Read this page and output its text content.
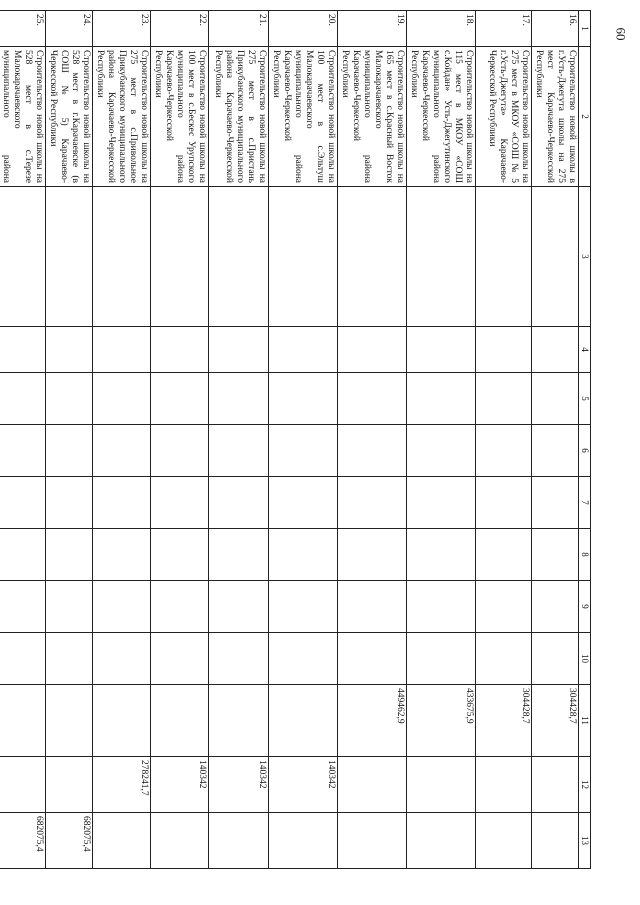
60
1	2	3	4	5	6	7	8	9	10	11	12	13
16.	Строительство новой школы в г.Усть-Джегута школы на 275 мест Карачаево-Черкесской Республики									304428,7		
17.	Строительство новой школы на 275 мест в МКОУ «СОШ № 5 г.Усть-Джегута» Карачаево-Черкесской Республики									304428,7		
18.	Строительство новой школы на 115 мест в МКОУ «СОШ с.Койдан» Усть-Джегутинского муниципального района Карачаево-Черкесской Республики									433675,9		
19.	Строительство новой школы на 165 мест в с.Красный Восток Малокарачаевского муниципального района Карачаево-Черкесской Республики									449462,9		
20.	Строительство новой школы на 100 мест в с.Эльтуш Малокарачаевского муниципального района Карачаево-Черкесской Республики										140342	
21.	Строительство новой школы на 275 мест в с.Пристань Прикубанского муниципального района Карачаево-Черкесской Республики										140342	
22.	Строительство новой школы на 100 мест в с.Бескес Урупского муниципального района Карачаево-Черкесской Республики										140342	
23.	Строительство новой школы на 275 мест в с.Привольное Прикубанского муниципального района Карачаево-Черкесской Республики										278241,7	
24.	Строительство новой школы на 528 мест в г.Карачаевске (в СОШ № 5) Карачаево-Черкесской Республики											682075,4
25.	Строительство новой школы на 528 мест в с.Терезе Малокарачаевского муниципального района											682075,4
